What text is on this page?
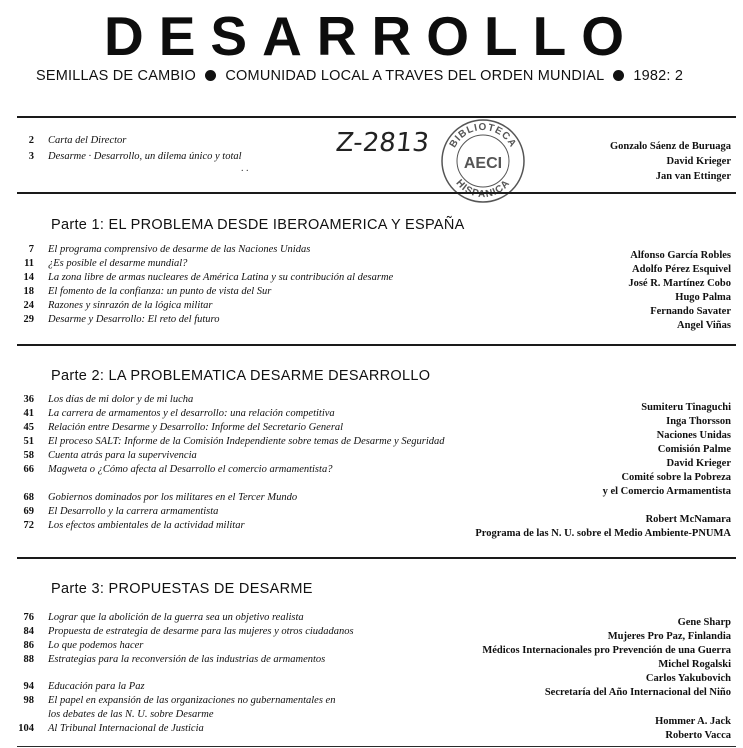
DESARROLLO
SEMILLAS DE CAMBIO COMUNIDAD LOCAL A TRAVES DEL ORDEN MUNDIAL 1982: 2
2 Carta del Director
3 Desarme · Desarrollo, un dilema único y total
. .
Gonzalo Sáenz de Buruaga
David Krieger
Jan van Ettinger
Z-2813 BIBLIOTECA
HISPANICA
AECI
Parte 1: EL PROBLEMA DESDE IBEROAMERICA Y ESPAÑA
7 El programa comprensivo de desarme de las Naciones Unidas
Alfonso García Robles
11 ¿Es posible el desarme mundial?
Adolfo Pérez Esquivel
14 La zona libre de armas nucleares de América Latina y su contribución al desarme
José R. Martínez Cobo
18 El fomento de la confianza: un punto de vista del Sur
Hugo Palma
24 Razones y sinrazón de la lógica militar
Fernando Savater
29 Desarme y Desarrollo: El reto del futuro
Angel Viñas
Parte 2: LA PROBLEMATICA DESARME DESARROLLO
36 Los días de mi dolor y de mi lucha
41 La carrera de armamentos y el desarrollo: una relación competitiva
45 Relación entre Desarme y Desarrollo: Informe del Secretario General
51 El proceso SALT: Informe de la Comisión Independiente sobre temas de Desarme y Seguridad
58 Cuenta atrás para la supervivencia
66 Magweta o ¿Cómo afecta al Desarrollo el comercio armamentista?
68 Gobiernos dominados por los militares en el Tercer Mundo
69 El Desarrollo y la carrera armamentista
72 Los efectos ambientales de la actividad militar
Sumiteru Tinaguchi
Inga Thorsson
Naciones Unidas
Comisión Palme
David Krieger
Comité sobre la Pobreza
y el Comercio Armamentista
Robert McNamara
Programa de las N. U. sobre el Medio Ambiente-PNUMA
Parte 3: PROPUESTAS DE DESARME
76 Lograr que la abolición de la guerra sea un objetivo realista
84 Propuesta de estrategia de desarme para las mujeres y otros ciudadanos
86 Lo que podemos hacer
88 Estrategias para la reconversión de las industrias de armamentos
94 Educación para la Paz
98 El papel en expansión de las organizaciones no gubernamentales en
los debates de las N. U. sobre Desarme
104 Al Tribunal Internacional de Justicia
Gene Sharp
Mujeres Pro Paz, Finlandia
Médicos Internacionales pro Prevención de una Guerra
Michel Rogalski
Carlos Yakubovich
Secretaría del Año Internacional del Niño
Hommer A. Jack
Roberto Vacca
